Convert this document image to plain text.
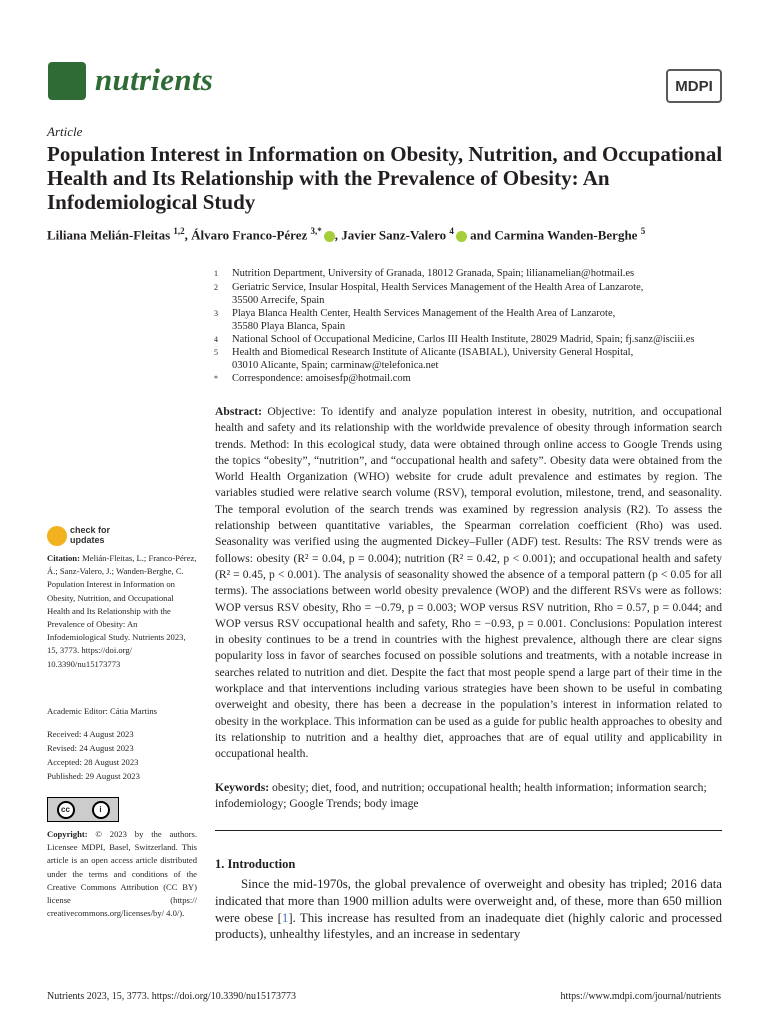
nutrients	MDPI
Article
Population Interest in Information on Obesity, Nutrition, and Occupational Health and Its Relationship with the Prevalence of Obesity: An Infodemiological Study
Liliana Melián-Fleitas $^{1,2}$, Álvaro Franco-Pérez $^{3,*}$ , Javier Sanz-Valero $^4$ and Carmina Wanden-Berghe $^5$
1 Nutrition Department, University of Granada, 18012 Granada, Spain; lilianamelian@hotmail.es
2 Geriatric Service, Insular Hospital, Health Services Management of the Health Area of Lanzarote,
35500 Arrecife, Spain
3 Playa Blanca Health Center, Health Services Management of the Health Area of Lanzarote,
35580 Playa Blanca, Spain
4 National School of Occupational Medicine, Carlos III Health Institute, 28029 Madrid, Spain; fj.sanz@isciii.es
5 Health and Biomedical Research Institute of Alicante (ISABIAL), University General Hospital,
03010 Alicante, Spain; carminaw@telefonica.net
* Correspondence: amoisesfp@hotmail.com
Abstract: Objective: To identify and analyze population interest in obesity, nutrition, and occupational health and safety and its relationship with the worldwide prevalence of obesity through information search trends. Method: In this ecological study, data were obtained through online access to Google Trends using the topics “obesity”, “nutrition”, and “occupational health and safety”. Obesity data were obtained from the World Health Organization (WHO) website for crude adult prevalence and estimates by region. The variables studied were relative search volume (RSV), temporal evolution, milestone, trend, and seasonality. The temporal evolution of the search trends was examined by regression analysis (R2). To assess the relationship between quantitative variables, the Spearman correlation coefficient (Rho) was used. Seasonality was verified using the augmented Dickey–Fuller (ADF) test. Results: The RSV trends were as follows: obesity (R² = 0.04, p = 0.004); nutrition (R² = 0.42, p < 0.001); and occupational health and safety (R² = 0.45, p < 0.001). The analysis of seasonality showed the absence of a temporal pattern (p < 0.05 for all terms). The associations between world obesity prevalence (WOP) and the different RSVs were as follows: WOP versus RSV obesity, Rho = −0.79, p = 0.003; WOP versus RSV nutrition, Rho = 0.57, p = 0.044; and WOP versus RSV occupational health and safety, Rho = −0.93, p = 0.001. Conclusions: Population interest in obesity continues to be a trend in countries with the highest prevalence, although there are clear signs popularity loss in favor of searches focused on possible solutions and treatments, with a notable increase in searches related to nutrition and diet. Despite the fact that most people spend a large part of their time in the workplace and that interventions including various strategies have been shown to be useful in combating overweight and obesity, there has been a decrease in the population’s interest in information related to obesity in the workplace. This information can be used as a guide for public health approaches to obesity and its relationship to nutrition and a healthy diet, approaches that are of equal utility and applicability in occupational health.
Keywords: obesity; diet, food, and nutrition; occupational health; health information; information search; infodemiology; Google Trends; body image
1. Introduction
Since the mid-1970s, the global prevalence of overweight and obesity has tripled; 2016 data indicated that more than 1900 million adults were overweight and, of these, more than 650 million were obese [1]. This increase has resulted from an inadequate diet (highly caloric and processed products), unhealthy lifestyles, and an increase in sedentary
check for
updates
Citation: Melián-Fleitas, L.; Franco-Pérez, Á.; Sanz-Valero, J.; Wanden-Berghe, C. Population Interest in Information on Obesity, Nutrition, and Occupational Health and Its Relationship with the Prevalence of Obesity: An Infodemiological Study. Nutrients 2023, 15, 3773. https://doi.org/ 10.3390/nu15173773
Academic Editor: Cátia Martins
Received: 4 August 2023
Revised: 24 August 2023
Accepted: 28 August 2023
Published: 29 August 2023
cc	i
Copyright: © 2023 by the authors. Licensee MDPI, Basel, Switzerland. This article is an open access article distributed under the terms and conditions of the Creative Commons Attribution (CC BY) license (https:// creativecommons.org/licenses/by/ 4.0/).
Nutrients 2023, 15, 3773. https://doi.org/10.3390/nu15173773	https://www.mdpi.com/journal/nutrients
